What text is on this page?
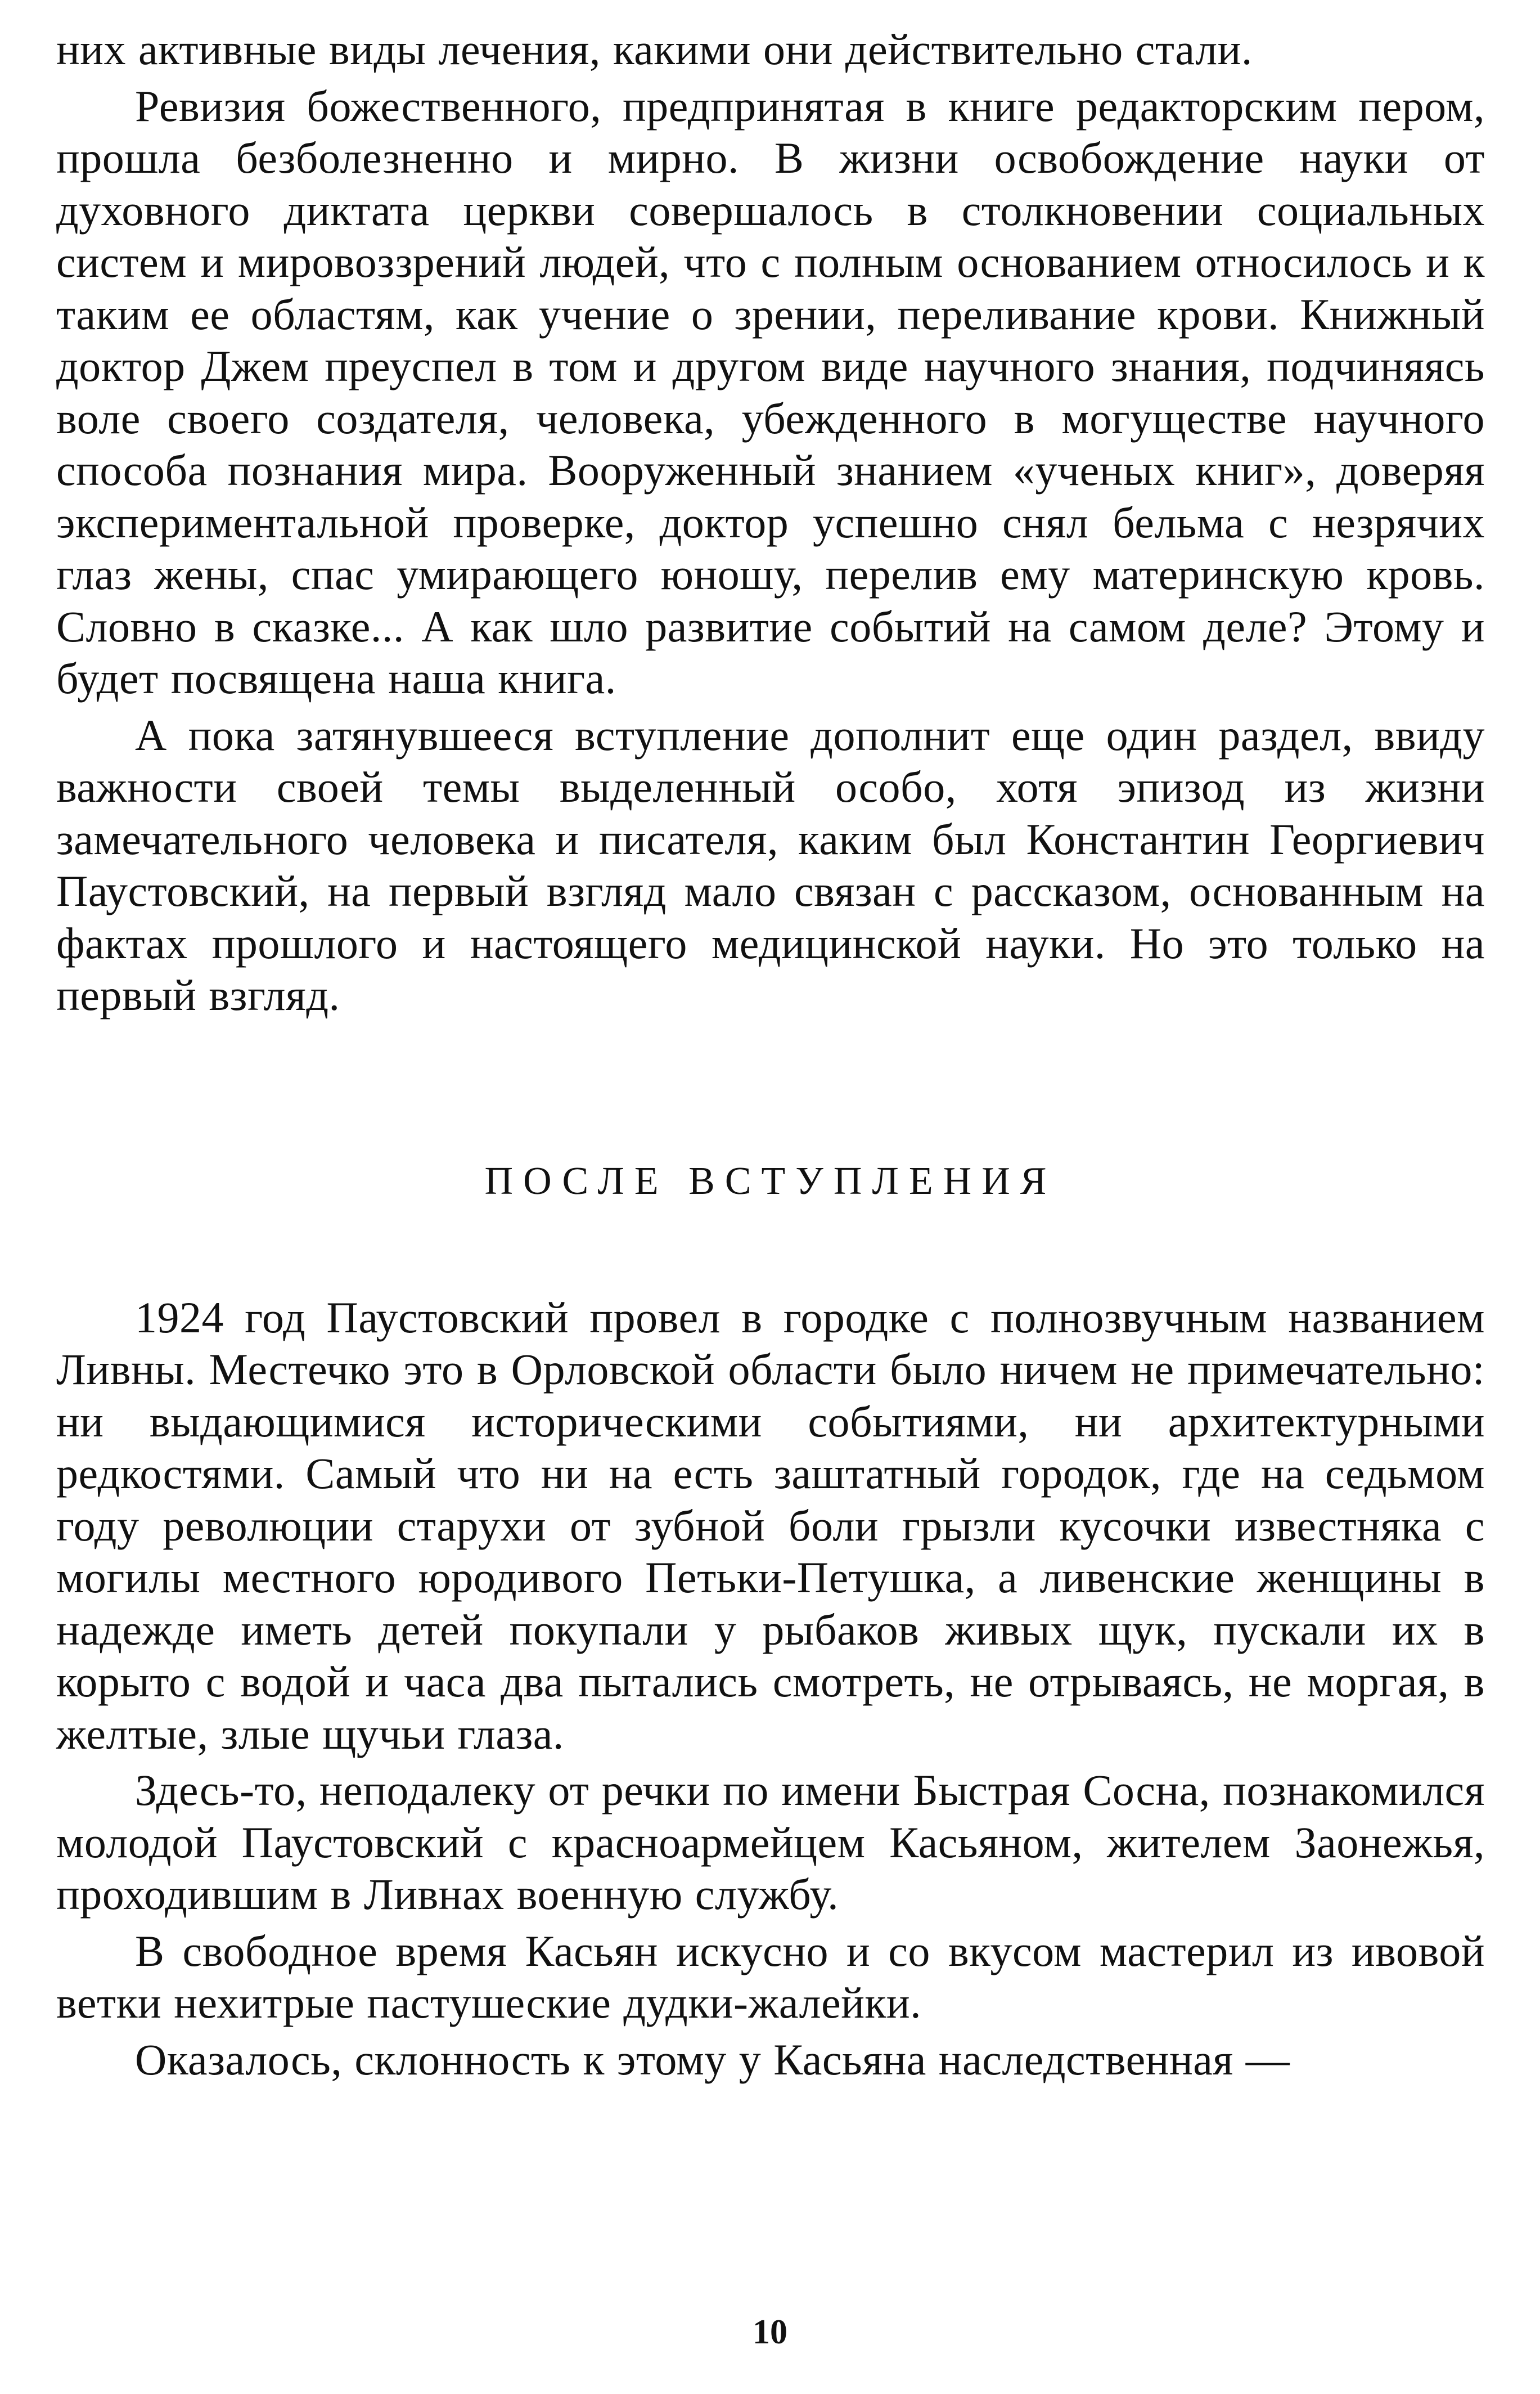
них активные виды лечения, какими они действительно стали.

Ревизия божественного, предпринятая в книге редакторским пером, прошла безболезненно и мирно. В жизни освобождение науки от духовного диктата церкви совершалось в столкновении социальных систем и мировоззрений людей, что с полным основанием относилось и к таким ее областям, как учение о зрении, переливание крови. Книжный доктор Джем преуспел в том и другом виде научного знания, подчиняясь воле своего создателя, человека, убежденного в могуществе научного способа познания мира. Вооруженный знанием «ученых книг», доверяя экспериментальной проверке, доктор успешно снял бельма с незрячих глаз жены, спас умирающего юношу, перелив ему материнскую кровь. Словно в сказке... А как шло развитие событий на самом деле? Этому и будет посвящена наша книга.

А пока затянувшееся вступление дополнит еще один раздел, ввиду важности своей темы выделенный особо, хотя эпизод из жизни замечательного человека и писателя, каким был Константин Георгиевич Паустовский, на первый взгляд мало связан с рассказом, основанным на фактах прошлого и настоящего медицинской науки. Но это только на первый взгляд.

ПОСЛЕ ВСТУПЛЕНИЯ

1924 год Паустовский провел в городке с полнозвучным названием Ливны. Местечко это в Орловской области было ничем не примечательно: ни выдающимися историческими событиями, ни архитектурными редкостями. Самый что ни на есть заштатный городок, где на седьмом году революции старухи от зубной боли грызли кусочки известняка с могилы местного юродивого Петьки-Петушка, а ливенские женщины в надежде иметь детей покупали у рыбаков живых щук, пускали их в корыто с водой и часа два пытались смотреть, не отрываясь, не моргая, в желтые, злые щучьи глаза.

Здесь-то, неподалеку от речки по имени Быстрая Сосна, познакомился молодой Паустовский с красноармейцем Касьяном, жителем Заонежья, проходившим в Ливнах военную службу.

В свободное время Касьян искусно и со вкусом мастерил из ивовой ветки нехитрые пастушеские дудки-жалейки.

Оказалось, склонность к этому у Касьяна наследственная —

10
